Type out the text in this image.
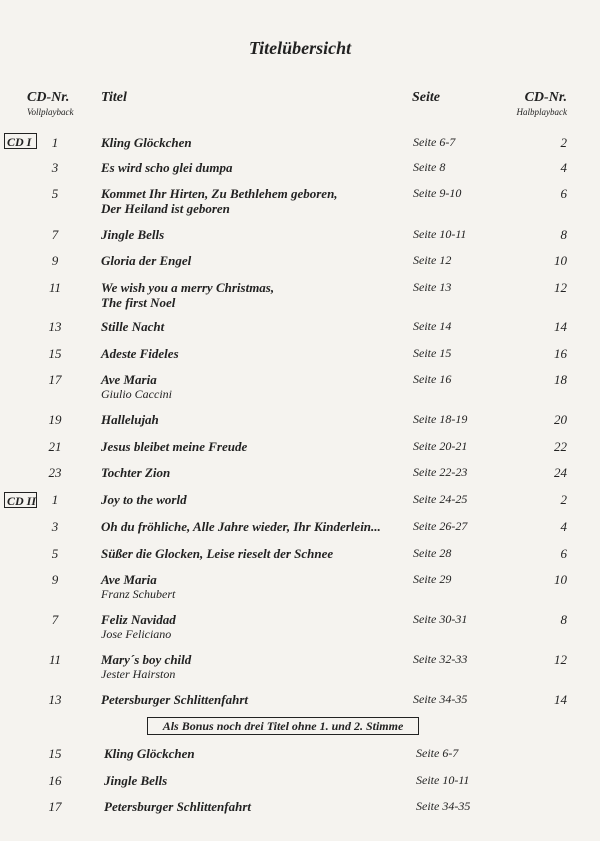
Titelübersicht
CD-Nr.
Vollplayback
Titel	Seite	CD-Nr.
Halbplayback
CD I
CD II
1	Kling Glöckchen	Seite 6-7	2
3	Es wird scho glei dumpa	Seite 8	4
5	Kommet Ihr Hirten, Zu Bethlehem geboren,
Der Heiland ist geboren
Seite 9-10	6
7	Jingle Bells	Seite 10-11	8
9	Gloria der Engel	Seite 12	10
11	We wish you a merry Christmas,
The first Noel
Seite 13	12
13	Stille Nacht	Seite 14	14
15	Adeste Fideles	Seite 15	16
17	Ave Maria
Giulio Caccini
Seite 16	18
19	Hallelujah	Seite 18-19	20
21	Jesus bleibet meine Freude	Seite 20-21	22
23	Tochter Zion	Seite 22-23	24
1	Joy to the world	Seite 24-25	2
3	Oh du fröhliche, Alle Jahre wieder, Ihr Kinderlein...	Seite 26-27	4
5	Süßer die Glocken, Leise rieselt der Schnee	Seite 28	6
9	Ave Maria
Franz Schubert
Seite 29	10
7	Feliz Navidad
Jose Feliciano
Seite 30-31	8
11	Mary´s boy child
Jester Hairston
Seite 32-33	12
13	Petersburger Schlittenfahrt	Seite 34-35	14
Als Bonus noch drei Titel ohne 1. und 2. Stimme
15	Kling Glöckchen	Seite 6-7
16	Jingle Bells	Seite 10-11
17	Petersburger Schlittenfahrt	Seite 34-35
